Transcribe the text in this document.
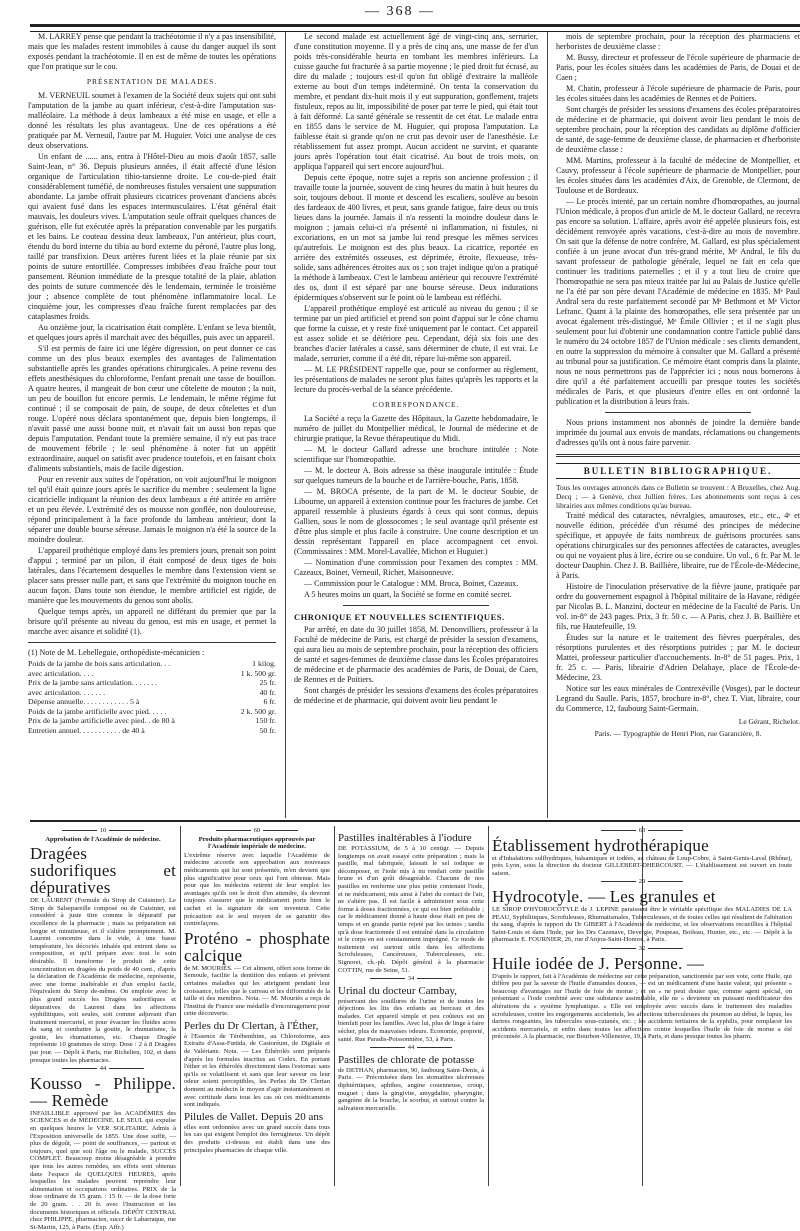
— 368 —

M. LARREY pense que pendant la trachéotomie il n'y a pas insensibilité, mais que les malades restent immobiles à cause du danger auquel ils sont exposés pendant la trachéotomie. Il en est de même de toutes les opérations que l'on pratique sur le cou.

PRÉSENTATION DE MALADES.

M. VERNEUIL soumet à l'examen de la Société deux sujets qui ont subi l'amputation de la jambe au quart inférieur, c'est-à-dire l'amputation sus-malléolaire. La méthode à deux lambeaux a été mise en usage, et elle a donné les résultats les plus avantageux. Une de ces opérations a été pratiquée par M. Verneuil, l'autre par M. Huguier. Voici une analyse de ces deux observations.

Un enfant de ...... ans, entra à l'Hôtel-Dieu au mois d'août 1857, salle Saint-Jean, n° 36. Depuis plusieurs années, il était affecté d'une lésion organique de l'articulation tibio-tarsienne droite. Le cou-de-pied était considérablement tuméfié, de nombreuses fistules versaient une suppuration abondante. La jambe offrait plusieurs cicatrices provenant d'anciens abcès qui avaient fusé dans les espaces intermusculaires. L'état général était mauvais, les douleurs vives. L'amputation seule offrait quelques chances de guérison, elle fut exécutée après la préparation convenable par les purgatifs et les bains. Le couteau dessina deux lambeaux, l'un antérieur, plus court, étendu du bord interne du tibia au bord externe du péroné, l'autre plus long, taillé par transfixion. Deux artères furent liées et la plaie réunie par six points de suture entortillée. Compresses imbibées d'eau fraîche pour tout pansement. Réunion immédiate de la presque totalité de la plaie, ablation des points de suture commencée dès le lendemain, terminée le troisième jour ; absence complète de tout phénomène inflammatoire local. Le cinquième jour, les compresses d'eau fraîche furent remplacées par des cataplasmes froids.

Au onzième jour, la cicatrisation était complète. L'enfant se leva bientôt, et quelques jours après il marchait avec des béquilles, puis avec un appareil.

S'il est permis de faire ici une légère digression, on peut donner ce cas comme un des plus beaux exemples des avantages de l'alimentation substantielle après les grandes opérations chirurgicales. A peine revenu des effets anesthésiques du chloroforme, l'enfant prenait une tasse de bouillon. A quatre heures, il mangeait de bon cœur une côtelette de mouton ; la nuit, un peu de bouillon fut encore permis. Le lendemain, le même régime fut continué ; il se composait de pain, de soupe, de deux côtelettes et d'un rouge. L'opéré nous déclara spontanément que, depuis bien longtemps, il n'avait passé une aussi bonne nuit, et n'avait fait un aussi bon repas que depuis l'amputation. Pendant toute la première semaine, il n'y eut pas trace de mouvement fébrile ; le seul phénomène à noter fut un appétit extraordinaire, auquel on satisfit avec prudence toutefois, et en faisant choix d'aliments substantiels, mais de facile digestion.

Pour en revenir aux suites de l'opération, on voit aujourd'hui le moignon tel qu'il était quinze jours après le sacrifice du membre : seulement la ligne cicatricielle indiquant la réunion des deux lambeaux a été attirée en arrière et un peu élevée. L'extrémité des os mousse non gonflée, non douloureuse, répond principalement à la face profonde du lambeau antérieur, dont la séparer une double bourse séreuse. Jamais le moignon n'a été la source de la moindre douleur.

L'appareil prothétique employé dans les premiers jours, prenait son point d'appui ; terminé par un pilon, il était composé de deux tiges de bois latérales, dans l'écartement desquelles le membre dans l'extension vient se placer sans presser nulle part, et sans que l'extrémité du moignon touche en aucun façon. Dans toute son étendue, le membre artificiel est rigide, de manière que les mouvements du genou sont abolis.

Quelque temps après, un appareil ne différant du premier que par la brisure qu'il présente au niveau du genou, est mis en usage, et permet la marche avec aisance et solidité (1).

(1) Note de M. Lebelleguie, orthopédiste-mécanicien :

Poids de la jambe de bois sans articulation. . .	1 kilog.
avec articulation. . . .	1 k. 500 gr.
Prix de la jambe sans articulation. . . . . . .	25 fr.
avec articulation. . . . . . .	40 fr.
Dépense annuelle. . . . . . . . . . . . 5 à	6 fr.
Poids de la jambe artificielle avec pied. . . . .	2 k. 500 gr.
Prix de la jambe artificielle avec pied. . de 80 à	150 fr.
Entretien annuel. . . . . . . . . . . de 40 à	50 fr.

Le second malade est actuellement âgé de vingt-cinq ans, serrurier, d'une constitution moyenne. Il y a près de cinq ans, une masse de fer d'un poids très-considérable heurta en tombant les membres inférieurs. La cuisse gauche fut fracturée à sa partie moyenne ; le pied droit fut écrasé, au dire du malade ; toujours est-il qu'on fut obligé d'extraire la malléole externe au bout d'un temps indéterminé. On tenta la conservation du membre, et pendant dix-huit mois il y eut suppuration, gonflement, trajets fistuleux, repos au lit, impossibilité de poser par terre le pied, qui était tout à fait déformé. La santé générale se ressentit de cet état. Le malade entra en 1855 dans le service de M. Huguier, qui proposa l'amputation. La faiblesse était si grande qu'on ne crut pas devoir user de l'anesthésie. Le rétablissement fut assez prompt. Aucun accident ne survint, et quarante jours après l'opération tout était cicatrisé. Au bout de trois mois, on appliqua l'appareil qui sert encore aujourd'hui.

Depuis cette époque, notre sujet a repris son ancienne profession ; il travaille toute la journée, souvent de cinq heures du matin à huit heures du soir, toujours debout. Il monte et descend les escaliers, soulève au besoin des fardeaux de 400 livres, et peut, sans grande fatigue, faire deux ou trois lieues dans la journée. Jamais il n'a ressenti la moindre douleur dans le moignon ; jamais celui-ci n'a présenté ni inflammation, ni fistules, ni excoriations, en un mot sa jambe lui rend presque les mêmes services qu'autrefois. Le moignon est des plus beaux. La cicatrice, reportée en arrière des extrémités osseuses, est déprimée, étroite, flexueuse, très-solide, sans adhérences étroites aux os ; son trajet indique qu'on a pratiqué la méthode à lambeaux. C'est le lambeau antérieur qui recouvre l'extrémité des os, dont il est séparé par une bourse séreuse. Deux indurations épidermiques s'observent sur le point où le lambeau est réfléchi.

L'appareil prothétique employé est articulé au niveau du genou ; il se termine par un pied artificiel et prend son point d'appui sur le cône charnu que forme la cuisse, et y reste fixé uniquement par le contact. Cet appareil est assez solide et se détériore peu. Cependant, déjà six fois une des branches d'acier latérales a cassé, sans déterminer de chute, il est vrai. Le malade, serrurier, comme il a été dit, répare lui-même son appareil.

— M. LE PRÉSIDENT rappelle que, pour se conformer au règlement, les présentations de malades ne seront plus faites qu'après les rapports et la lecture du procès-verbal de la séance précédente.

CORRESPONDANCE.

La Société a reçu la Gazette des Hôpitaux, la Gazette hebdomadaire, le numéro de juillet du Montpellier médical, le Journal de médecine et de chirurgie pratique, la Revue thérapeutique du Midi.

— M. le docteur Gallard adresse une brochure intitulée : Note scientifique sur l'homœopathie.

— M. le docteur A. Bois adresse sa thèse inaugurale intitulée : Étude sur quelques tumeurs de la bouche et de l'arrière-bouche, Paris, 1858.

— M. BROCA présente, de la part de M. le docteur Soubie, de Libourne, un appareil à extension continue pour les fractures de jambe. Cet appareil ressemble à plusieurs égards à ceux qui sont connus, depuis Gallien, sous le nom de glossocomes ; le seul avantage qu'il présente est d'être plus simple et plus facile à construire. Une courte description et un dessin représentant l'appareil en place accompagnent cet envoi. (Commissaires : MM. Morel-Lavallée, Michon et Huguier.)

— Nomination d'une commission pour l'examen des comptes : MM. Cazeaux, Boinet, Verneuil, Richet, Maisonneuve.

— Commission pour le Catalogue : MM. Broca, Boinet, Cazeaux.

A 5 heures moins un quart, la Société se forme en comité secret.

CHRONIQUE ET NOUVELLES SCIENTIFIQUES.

Par arrêté, en date du 30 juillet 1858, M. Denonvilliers, professeur à la Faculté de médecine de Paris, est chargé de présider la session d'examens, qui aura lieu au mois de septembre prochain, pour la réception des officiers de santé et sages-femmes de deuxième classe dans les Écoles préparatoires de médecine et de pharmacie des académies de Paris, de Douai, de Caen, de Rennes et de Poitiers.

Sont chargés de présider les sessions d'examens des écoles préparatoires de médecine et de pharmacie, qui doivent avoir lieu pendant le

mois de septembre prochain, pour la réception des pharmaciens et herboristes de deuxième classe :

M. Bussy, directeur et professeur de l'école supérieure de pharmacie de Paris, pour les écoles situées dans les académies de Paris, de Douai et de Caen ;

M. Chatin, professeur à l'école supérieure de pharmacie de Paris, pour les écoles situées dans les académies de Rennes et de Poitiers.

Sont chargés de présider les sessions d'examens des écoles préparatoires de médecine et de pharmacie, qui doivent avoir lieu pendant le mois de septembre prochain, pour la réception des candidats au diplôme d'officier de santé, de sage-femme de deuxième classe, de pharmacien et d'herboriste de deuxième classe :

MM. Martins, professeur à la faculté de médecine de Montpellier, et Cauvy, professeur à l'école supérieure de pharmacie de Montpellier, pour les écoles situées dans les académies d'Aix, de Grenoble, de Clermont, de Toulouse et de Bordeaux.

— Le procès intenté, par un certain nombre d'homœopathes, au journal l'Union médicale, à propos d'un article de M. le docteur Gallard, ne recevra pas encore sa solution. L'affaire, après avoir été appelée plusieurs fois, est décidément renvoyée après vacations, c'est-à-dire au mois de novembre. On sait que la défense de notre confrère, M. Gallard, est plus spécialement confiée à un jeune avocat d'un très-grand mérite, Mᵉ Andral, le fils du savant professeur de pathologie générale, lequel ne fait en cela que continuer les traditions paternelles ; et il y a tout lieu de croire que l'homœopathie ne sera pas mieux traitée par lui au Palais de Justice qu'elle ne l'a été par son père devant l'Académie de médecine en 1835. Mᵉ Paul Andral sera du reste parfaitement secondé par Mᵉ Bethmont et Mᵉ Victor Lefranc. Quant à la plainte des homœopathes, elle sera présentée par un avocat également très-distingué, Mᵉ Émile Ollivier ; et il ne s'agit plus seulement pour lui d'obtenir une condamnation contre l'article publié dans le numéro du 24 octobre 1857 de l'Union médicale : ses clients demandent, en outre la suppression du mémoire à consulter que M. Gallard a présenté au tribunal pour sa justification. Ce mémoire étant compris dans la plainte, nous ne nous permettrons pas de l'apprécier ici ; nous nous bornerons à dire qu'il a été parfaitement accueilli par presque toutes les sociétés médicales de Paris, et que plusieurs d'entre elles en ont ordonné la publication et la distribution à leurs frais.

Nous prions instamment nos abonnés de joindre la dernière bande imprimée du journal aux envois de mandats, réclamations ou changements d'adresses qu'ils ont à nous faire parvenir.

BULLETIN BIBLIOGRAPHIQUE.

Tous les ouvrages annoncés dans ce Bulletin se trouvent : A Bruxelles, chez Aug. Decq ; — à Genève, chez Jullien frères. Les abonnements sont reçus à ces librairies aux mêmes conditions qu'au bureau.

Traité médical des cataractes, névralgies, amauroses, etc., etc., 4ᵉ et nouvelle édition, précédée d'un résumé des principes de médecine spécifique, et appuyée de faits nombreux de guérisons procurées sans opérations chirurgicales sur des personnes affectées de cataractes, aveugles ou qui ne voyaient plus à lire, écrire ou se conduire. Un vol., 6 fr. Par M. le docteur Dauphin. Chez J. B. Baillière, libraire, rue de l'École-de-Médecine, à Paris.

Histoire de l'inoculation préservative de la fièvre jaune, pratiquée par ordre du gouvernement espagnol à l'hôpital militaire de la Havane, rédigée par Nicolas B. L. Manzini, docteur en médecine de la Faculté de Paris. Un vol. in-8° de 243 pages. Prix, 3 fr. 50 c. — A Paris, chez J. B. Baillière et fils, rue Hautefeuille, 19.

Études sur la nature et le traitement des fièvres puerpérales, des résorptions purulentes et des résorptions putrides ; par M. le docteur Mattei, professeur particulier d'accouchements. In-8° de 51 pages. Prix, 1 fr. 25 c. — Paris, librairie d'Adrien Delahaye, place de l'École-de-Médecine, 23.

Notice sur les eaux minérales de Contrexéville (Vosges), par le docteur Legrand du Saulle. Paris, 1857, brochure in-8°, chez T. Viat, libraire, cour du Commerce, 12, faubourg Saint-Germain.

Le Gérant, Richelot.
Paris. — Typographie de Henri Plon, rue Garancière, 8.
10

Approbation de l'Académie de médecine.

Dragées sudorifiques et dépuratives

DE LAURENT (Formule du Sirop de Cuisinier). Le Sirop de Salsepareille composé ou de Cuisinier, est considéré à juste titre comme le dépuratif par excellence de la pharmacie ; mais sa préparation est longue et minutieuse, et il s'altère promptement. M. Laurent concentre dans le vide, à une basse température, les décoctés inhalés qui entrent dans sa composition, et qu'il prépare avec tout le soin désirable. Il transforme le produit de cette concentration en dragées du poids de 40 cent., d'après la déclaration de l'Académie de médecine, représente, avec une forme inaltérable et d'un emploi facile, l'équivalent du Sirop de-même. On emploie avec le plus grand succès les Dragées sudorifiques et dépuratives de Laurent dans les affections syphilitiques, soit seules, soit comme adjuvant d'un traitement mercuriel, et pour évacuer les fluides acres du sang et combattre la goutte, le rhumatisme, la goutte, les rhumatismes, etc. Chaque Dragée représente 10 grammes de sirop. Dose : 2 à 8 Dragées par jour. — Dépôt à Paris, rue Richelieu, 102, et dans presque toutes les pharmacies.

44
Kousso - Philippe. — Remède

INFAILLIBLE approuvé par les ACADÉMIES des SCIENCES et de MÉDECINE. LE SEUL qui expulse en quelques heures le VER SOLITAIRE. Admis à l'Exposition universelle de 1855. Une dose suffit, — plus de dégoût, — point de souffrances, — partout et toujours, quel que soit l'âge ou le malade, SUCCÈS COMPLET. Beaucoup moins désagréable à prendre que tous les autres remèdes, ses effets sont obtenus dans l'espace de QUELQUES HEURES, après lesquelles les malades peuvent reprendre leur alimentation et occupations ordinaires. PRIX de la dose ordinaire de 15 gram. : 15 fr. — de la dose forte de 20 gram. . . 20 fr. avec l'Instruction et les documents historiques et officiels. DÉPÔT CENTRAL chez PHILIPPE, pharmacien, succr de Labarraque, rue St-Martin, 125, à Paris. (Exp. Affr.)

60

Produits pharmaceutiques approuvés par l'Académie impériale de médecine.

L'extrême réserve avec laquelle l'Académie de médecine accorde son approbation aux nouveaux médicaments qui lui sont présentés, m'en devient que plus significative pour ceux qui l'ont obtenue. Mais pour que les médecins retirent de leur emploi les avantages qu'ils ont le droit d'en attendre, ils devront toujours s'assurer que le médicament porte bien le cachet et la signature de son inventeur. Cette précaution est le seul moyen de se garantir des contrefaçons.

Proténo - phosphate calcique

de M. MOURIÈS. — Cet aliment, offert sous forme de Semoule, facilite la dentition des enfants et prévient certaines maladies qui les atteignent pendant leur croissance, telles que le carreau et les difformités de la taille et des membres. Nota. — M. Mouriès a reçu de l'Institut de France une médaille d'encouragement pour cette découverte.

Perles du Dr Clertan, à l'Éther,

à l'Essence de Térébenthine, au Chloroforme, aux Extraits d'Assa-Fœtida, de Castoréum, de Digitale et de Valériane. Nota. — Les Éthérolés sont préparés d'après les formules inscrites au Codex. En portant l'éther et les éthérolés directement dans l'estomac sans qu'ils se volatilisent et sans que leur saveur ou leur odeur soient perceptibles, les Perles du Dr Clertan donnent au médecin le moyen d'agir instantanément et avec certitude dans tous les cas où ces médicaments sont indiqués.

Pilules de Vallet. Depuis 20 ans

elles sont ordonnées avec un grand succès dans tous les cas qui exigent l'emploi des ferrugineux. Un dépôt des produits ci-dessus est établi dans une des principales pharmacies de chaque ville.

Pastilles inaltérables à l'iodure

DE POTASSIUM, de 5 à 10 centigr. — Depuis longtemps on avait essayé cette préparation ; mais la pastille, mal fabriquée, laissait le sel iodique se décomposer, et l'iode mis à nu rendait cette pastille brune et d'un goût désagréable. Chacune de nos pastilles en renferme une plus petite contenant l'iode, et ne médicament, mis ainsi à l'abri du contact de l'air, ne s'altère pas. Il est facile à administrer sous cette forme à doses fractionnées, ce qui est bien préférable ; car le médicament donné à haute dose était en peu de temps et en grande partie rejeté par les urines ; tandis qu'à dose fractionnée il est entraîné dans la circulation et le corps en est constamment imprégné. Ce mode de traitement est surtout utile dans les affections Scrofuleuses, Cancéreuses, Tuberculeuses, etc. Signoret, ch.-ph. Dépôt général à la pharmacie COTTIN, rue de Seine, 51.

34
Urinal du docteur Cambay,

préservant des souillures de l'urine et de toutes les déjections les lits des enfants au berceau et des malades. Cet appareil simple et peu coûteux est un bienfait pour les familles. Avec lui, plus de linge à faire sécher, plus de mauvaises odeurs. Économie, propreté, santé. Rue Paradis-Poissonnière, 53, à Paris.

44
Pastilles de chlorate de potasse

de DETHAN, pharmacien, 90, faubourg Saint-Denis, à Paris. — Préconisées dans les stomatites ulcéreuses diphtéritiques, aphthes, angine couenneuse, croup, muguet ; dans la gingivite, amygdalite, pharyngite, gangrène de la bouche, le scorbut, et surtout contre la salivation mercurielle.

63
Établissement hydrothérapique

et d'Inhalations sulfhydriques, balsamiques et iodées, au château de Loup-Cobre, à Saint-Genis-Laval (Rhône), près Lyon, sous la direction du docteur GILLEBERT-DHERCOURT. — L'établissement est ouvert en toute saison.

29
Hydrocotyle. — Les granules et

LE SIROP D'HYDROCOTYLE de J. LEPINE paraissent être le véritable spécifique des MALADIES DE LA PEAU, Syphilitiques, Scrofuleuses, Rhumatismales, Tuberculeuses, et de toutes celles qui résultent de l'altération du sang, d'après le rapport du Dr GIBERT à l'Académie de médecine, et les observations recueillies à l'hôpital Saint-Louis et dans l'Inde, par les Drs Cazenave, Devergie, Poupeau, Boileau, Hunter, etc., etc. — Dépôt à la pharmacie E. FOURNIER, 26, rue d'Anjou-Saint-Honoré, à Paris.

32
Huile iodée de J. Personne. —

D'après le rapport, fait à l'Académie de médecine sur cette préparation, sanctionnée par son vote, cette Huile, qui diffère peu par la saveur de l'huile d'amandes douces, — est un médicament d'une haute valeur, qui présente « beaucoup d'avantages sur l'huile de foie de morue ; et on « ne peut douter que, comme agent spécial, on présentant « l'iode combiné avec une substance assimilable, elle ne « devienne un puissant modificateur des altérations du « système lymphatique. » Elle est employée avec succès dans le traitement des maladies scrofuleuses, contre les engorgements accidentels, les affections tuberculeuses du poumon au début, le lupus, les dartres rongeantes, les tubercules sous-cutanés, etc. ; les accidents tertiaires de la syphilis, pour remplacer les accidents mercuriels, et enfin dans toutes les affections contre lesquelles l'huile de foie de morue a été préconisée. A la pharmacie, rue Bourbon-Villeneuve, 19, à Paris, et dans presque toutes les pharm.
